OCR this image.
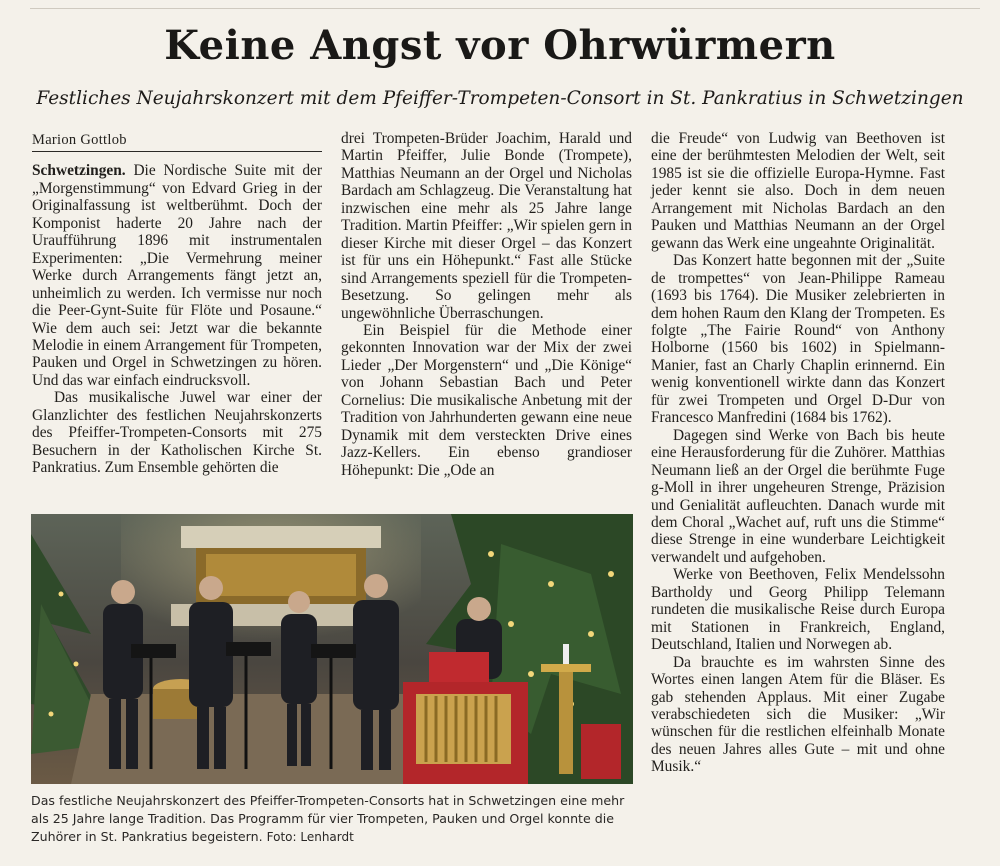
Keine Angst vor Ohrwürmern

Festliches Neujahrskonzert mit dem Pfeiffer-Trompeten-Consort in St. Pankratius in Schwetzingen

Marion Gottlob

Schwetzingen. Die Nordische Suite mit der „Morgenstimmung“ von Edvard Grieg in der Originalfassung ist weltberühmt. Doch der Komponist haderte 20 Jahre nach der Uraufführung 1896 mit instrumentalen Experimenten: „Die Vermehrung meiner Werke durch Arrangements fängt jetzt an, unheimlich zu werden. Ich vermisse nur noch die Peer-Gynt-Suite für Flöte und Posaune.“ Wie dem auch sei: Jetzt war die bekannte Melodie in einem Arrangement für Trompeten, Pauken und Orgel in Schwetzingen zu hören. Und das war einfach eindrucksvoll.

Das musikalische Juwel war einer der Glanzlichter des festlichen Neujahrskonzerts des Pfeiffer-Trompeten-Consorts mit 275 Besuchern in der Katholischen Kirche St. Pankratius. Zum Ensemble gehörten die

drei Trompeten-Brüder Joachim, Harald und Martin Pfeiffer, Julie Bonde (Trompete), Matthias Neumann an der Orgel und Nicholas Bardach am Schlagzeug. Die Veranstaltung hat inzwischen eine mehr als 25 Jahre lange Tradition. Martin Pfeiffer: „Wir spielen gern in dieser Kirche mit dieser Orgel – das Konzert ist für uns ein Höhepunkt.“ Fast alle Stücke sind Arrangements speziell für die Trompeten-Besetzung. So gelingen mehr als ungewöhnliche Überraschungen.

Ein Beispiel für die Methode einer gekonnten Innovation war der Mix der zwei Lieder „Der Morgenstern“ und „Die Könige“ von Johann Sebastian Bach und Peter Cornelius: Die musikalische Anbetung mit der Tradition von Jahrhunderten gewann eine neue Dynamik mit dem versteckten Drive eines Jazz-Kellers. Ein ebenso grandioser Höhepunkt: Die „Ode an

die Freude“ von Ludwig van Beethoven ist eine der berühmtesten Melodien der Welt, seit 1985 ist sie die offizielle Europa-Hymne. Fast jeder kennt sie also. Doch in dem neuen Arrangement mit Nicholas Bardach an den Pauken und Matthias Neumann an der Orgel gewann das Werk eine ungeahnte Originalität.

Das Konzert hatte begonnen mit der „Suite de trompettes“ von Jean-Philippe Rameau (1693 bis 1764). Die Musiker zelebrierten in dem hohen Raum den Klang der Trompeten. Es folgte „The Fairie Round“ von Anthony Holborne (1560 bis 1602) in Spielmann-Manier, fast an Charly Chaplin erinnernd. Ein wenig konventionell wirkte dann das Konzert für zwei Trompeten und Orgel D-Dur von Francesco Manfredini (1684 bis 1762).

Dagegen sind Werke von Bach bis heute eine Herausforderung für die Zuhörer. Matthias Neumann ließ an der Orgel die berühmte Fuge g-Moll in ihrer ungeheuren Strenge, Präzision und Genialität aufleuchten. Danach wurde mit dem Choral „Wachet auf, ruft uns die Stimme“ diese Strenge in eine wunderbare Leichtigkeit verwandelt und aufgehoben.

Werke von Beethoven, Felix Mendelssohn Bartholdy und Georg Philipp Telemann rundeten die musikalische Reise durch Europa mit Stationen in Frankreich, England, Deutschland, Italien und Norwegen ab.

Da brauchte es im wahrsten Sinne des Wortes einen langen Atem für die Bläser. Es gab stehenden Applaus. Mit einer Zugabe verabschiedeten sich die Musiker: „Wir wünschen für die restlichen elfeinhalb Monate des neuen Jahres alles Gute – mit und ohne Musik.“

Das festliche Neujahrskonzert des Pfeiffer-Trompeten-Consorts hat in Schwetzingen eine mehr als 25 Jahre lange Tradition. Das Programm für vier Trompeten, Pauken und Orgel konnte die Zuhörer in St. Pankratius begeistern. Foto: Lenhardt
